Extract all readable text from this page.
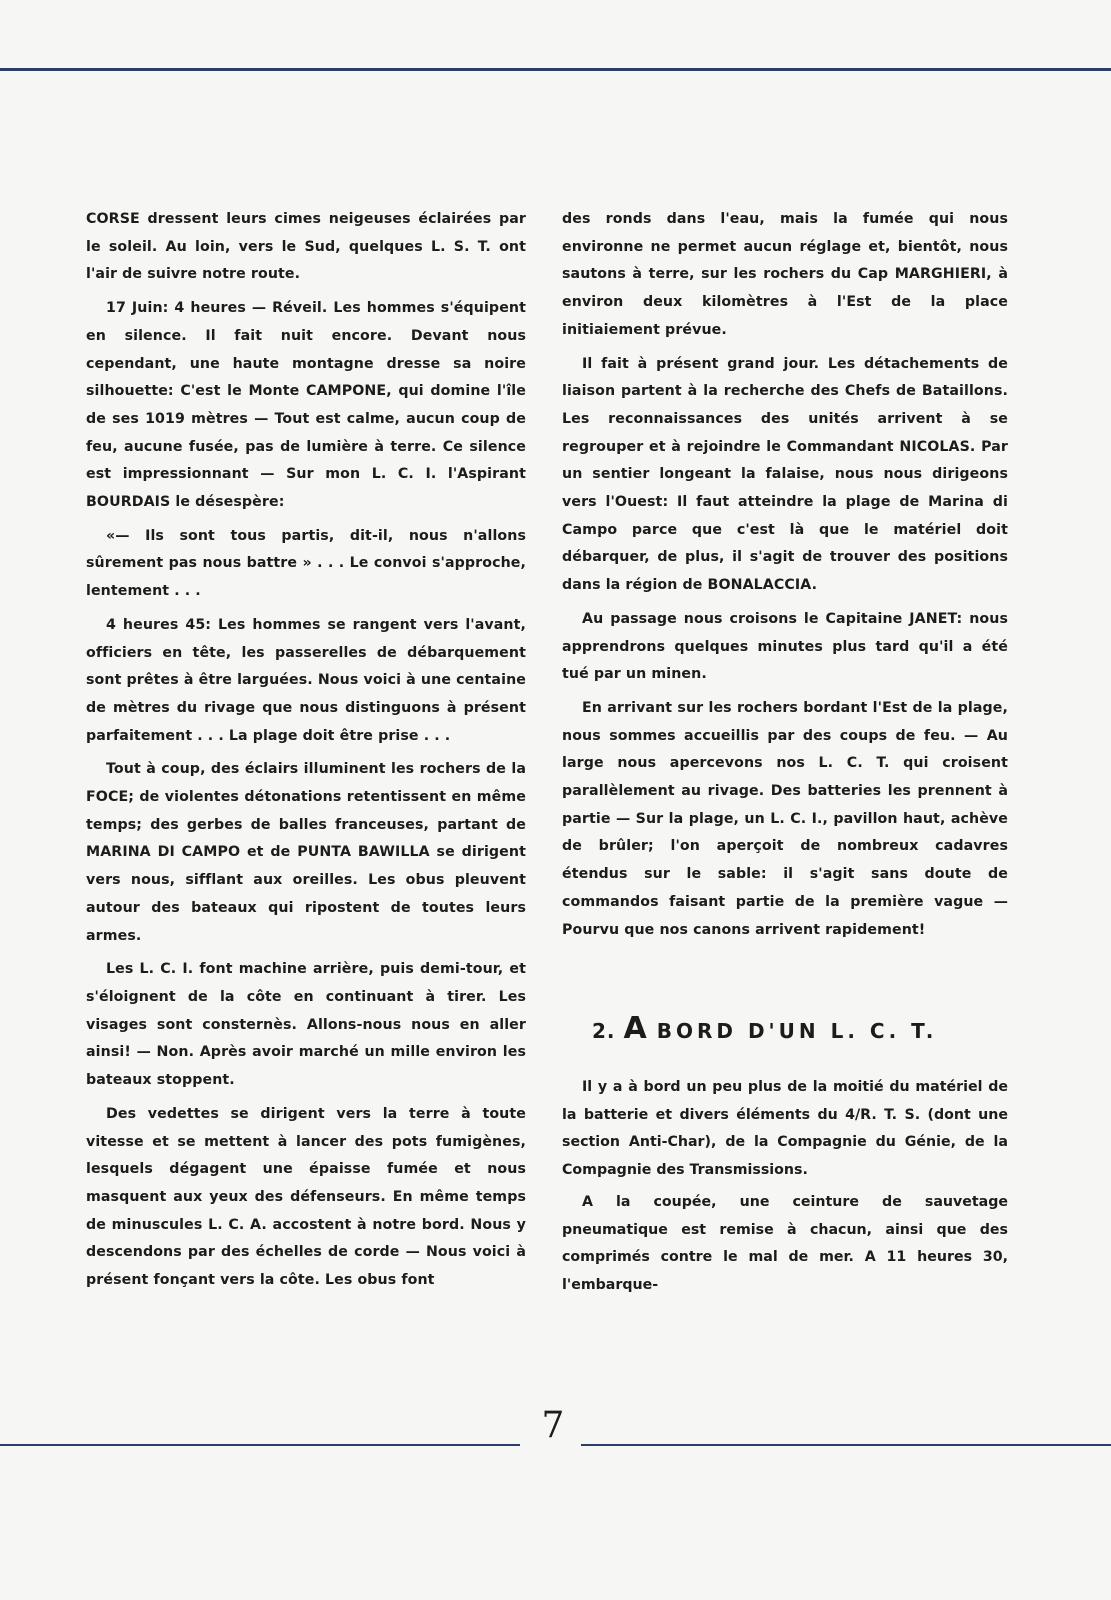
CORSE dressent leurs cimes neigeuses éclairées par le soleil. Au loin, vers le Sud, quelques L. S. T. ont l'air de suivre notre route.

17 Juin: 4 heures — Réveil. Les hommes s'équipent en silence. Il fait nuit encore. Devant nous cependant, une haute montagne dresse sa noire silhouette: C'est le Monte CAMPONE, qui domine l'île de ses 1019 mètres — Tout est calme, aucun coup de feu, aucune fusée, pas de lumière à terre. Ce silence est impressionnant — Sur mon L. C. I. l'Aspirant BOURDAIS le désespère:

«— Ils sont tous partis, dit-il, nous n'allons sûrement pas nous battre » . . . Le convoi s'approche, lentement . . .

4 heures 45: Les hommes se rangent vers l'avant, officiers en tête, les passerelles de débarquement sont prêtes à être larguées. Nous voici à une centaine de mètres du rivage que nous distinguons à présent parfaitement . . . La plage doit être prise . . .

Tout à coup, des éclairs illuminent les rochers de la FOCE; de violentes détonations retentissent en même temps; des gerbes de balles franceuses, partant de MARINA DI CAMPO et de PUNTA BAWILLA se dirigent vers nous, sifflant aux oreilles. Les obus pleuvent autour des bateaux qui ripostent de toutes leurs armes.

Les L. C. I. font machine arrière, puis demi-tour, et s'éloignent de la côte en continuant à tirer. Les visages sont consternès. Allons-nous nous en aller ainsi! — Non. Après avoir marché un mille environ les bateaux stoppent.

Des vedettes se dirigent vers la terre à toute vitesse et se mettent à lancer des pots fumigènes, lesquels dégagent une épaisse fumée et nous masquent aux yeux des défenseurs. En même temps de minuscules L. C. A. accostent à notre bord. Nous y descendons par des échelles de corde — Nous voici à présent fonçant vers la côte. Les obus font

des ronds dans l'eau, mais la fumée qui nous environne ne permet aucun réglage et, bientôt, nous sautons à terre, sur les rochers du Cap MARGHIERI, à environ deux kilomètres à l'Est de la place initiaiement prévue.

Il fait à présent grand jour. Les détachements de liaison partent à la recherche des Chefs de Bataillons. Les reconnaissances des unités arrivent à se regrouper et à rejoindre le Commandant NICOLAS. Par un sentier longeant la falaise, nous nous dirigeons vers l'Ouest: Il faut atteindre la plage de Marina di Campo parce que c'est là que le matériel doit débarquer, de plus, il s'agit de trouver des positions dans la région de BONALACCIA.

Au passage nous croisons le Capitaine JANET: nous apprendrons quelques minutes plus tard qu'il a été tué par un minen.

En arrivant sur les rochers bordant l'Est de la plage, nous sommes accueillis par des coups de feu. — Au large nous apercevons nos L. C. T. qui croisent parallèlement au rivage. Des batteries les prennent à partie — Sur la plage, un L. C. I., pavillon haut, achève de brûler; l'on aperçoit de nombreux cadavres étendus sur le sable: il s'agit sans doute de commandos faisant partie de la première vague — Pourvu que nos canons arrivent rapidement!

2. A BORD D'UN L. C. T.

Il y a à bord un peu plus de la moitié du matériel de la batterie et divers éléments du 4/R. T. S. (dont une section Anti-Char), de la Compagnie du Génie, de la Compagnie des Transmissions.

A la coupée, une ceinture de sauvetage pneumatique est remise à chacun, ainsi que des comprimés contre le mal de mer. A 11 heures 30, l'embarque-

7
